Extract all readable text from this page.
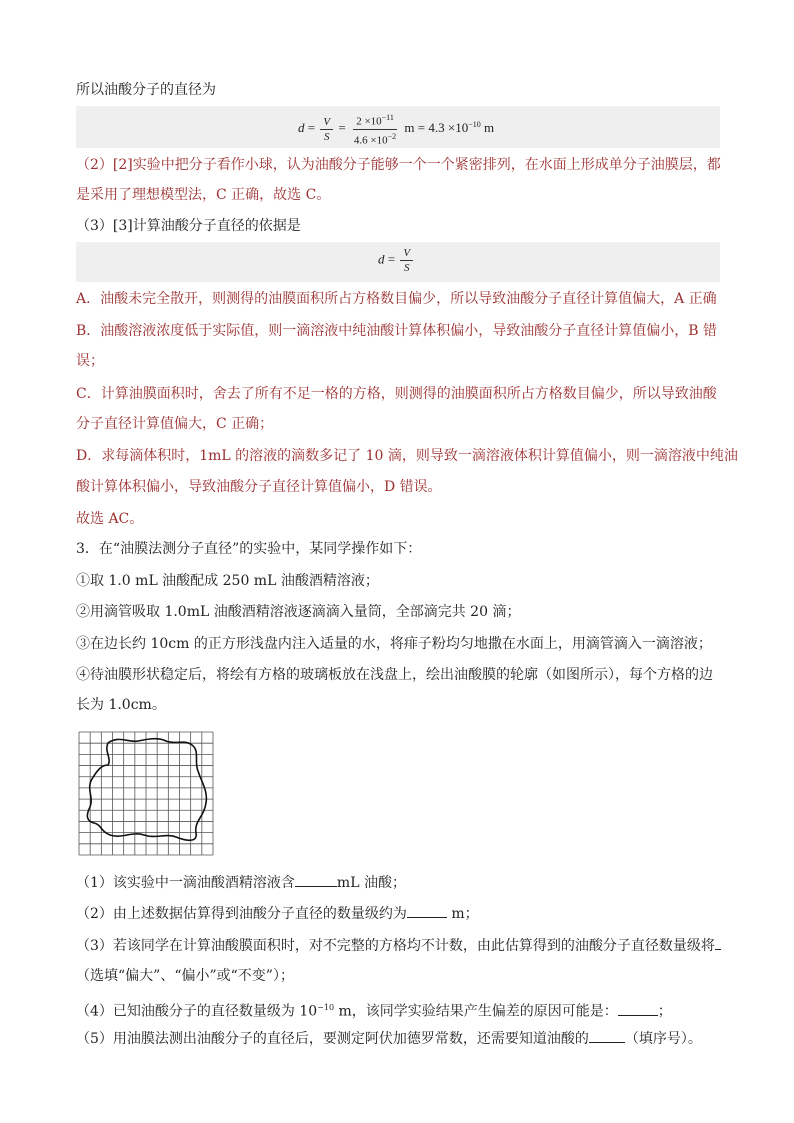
所以油酸分子的直径为
$d = \frac{V}{S} = \frac{2 \times 10^{-11}}{4.6 \times 10^{-2}}$ $m = 4.3 \times 10^{-10}$ m
（2）[2]实验中把分子看作小球，认为油酸分子能够一个一个紧密排列，在水面上形成单分子油膜层，都
是采用了理想模型法，C 正确，故选 C。
（3）[3]计算油酸分子直径的依据是
$d = \frac{V}{S}$
A．油酸未完全散开，则测得的油膜面积所占方格数目偏少，所以导致油酸分子直径计算值偏大，A 正确
B．油酸溶液浓度低于实际值，则一滴溶液中纯油酸计算体积偏小，导致油酸分子直径计算值偏小，B 错
误；
C．计算油膜面积时，舍去了所有不足一格的方格，则测得的油膜面积所占方格数目偏少，所以导致油酸
分子直径计算值偏大，C 正确；
D．求每滴体积时，1mL 的溶液的滴数多记了 10 滴，则导致一滴溶液体积计算值偏小，则一滴溶液中纯油
酸计算体积偏小，导致油酸分子直径计算值偏小，D 错误。
故选 AC。
3．在“油膜法测分子直径”的实验中，某同学操作如下：
①取 1.0 mL 油酸配成 250 mL 油酸酒精溶液；
②用滴管吸取 1.0mL 油酸酒精溶液逐滴滴入量筒，全部滴完共 20 滴；
③在边长约 10cm 的正方形浅盘内注入适量的水，将痱子粉均匀地撒在水面上，用滴管滴入一滴溶液；
④待油膜形状稳定后，将绘有方格的玻璃板放在浅盘上，绘出油酸膜的轮廓（如图所示），每个方格的边
长为 1.0cm。
（1）该实验中一滴油酸酒精溶液含	mL 油酸；
（2）由上述数据估算得到油酸分子直径的数量级约为	m；
（3）若该同学在计算油酸膜面积时，对不完整的方格均不计数，由此估算得到的油酸分子直径数量级将
（选填“偏大”、“偏小”或“不变”）；
（4）已知油酸分子的直径数量级为 $10^{-10}$ m，该同学实验结果产生偏差的原因可能是：	；
（5）用油膜法测出油酸分子的直径后，要测定阿伏加德罗常数，还需要知道油酸的	（填序号）。
